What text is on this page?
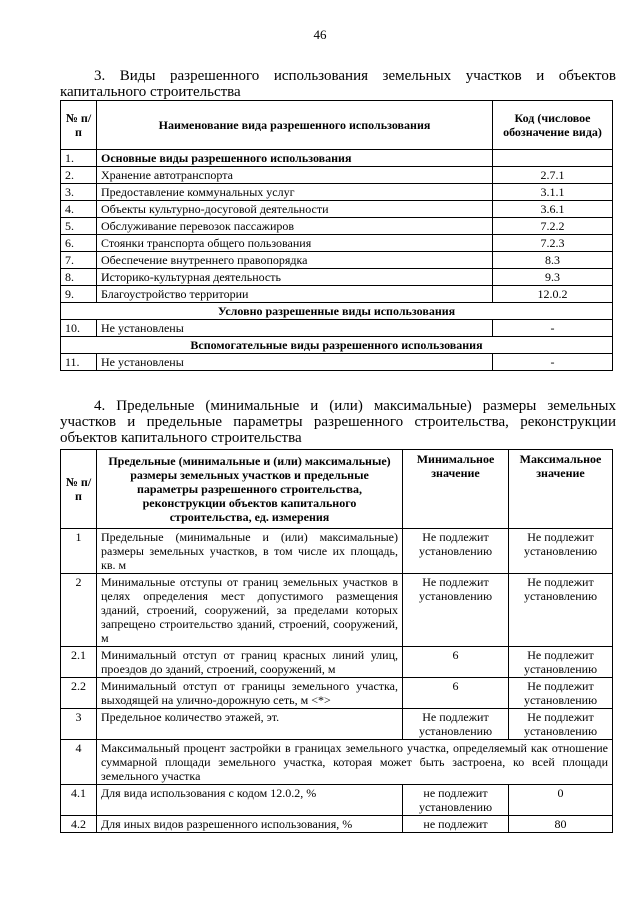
46
3. Виды разрешенного использования земельных участков и объектов капитального строительства
№ п/п	Наименование вида разрешенного использования	Код (числовое обозначение вида)
1.	Основные виды разрешенного использования	
2.	Хранение автотранспорта	2.7.1
3.	Предоставление коммунальных услуг	3.1.1
4.	Объекты культурно-досуговой деятельности	3.6.1
5.	Обслуживание перевозок пассажиров	7.2.2
6.	Стоянки транспорта общего пользования	7.2.3
7.	Обеспечение внутреннего правопорядка	8.3
8.	Историко-культурная деятельность	9.3
9.	Благоустройство территории	12.0.2
Условно разрешенные виды использования		
10.	Не установлены	-
Вспомогательные виды разрешенного использования		
11.	Не установлены	-
4. Предельные (минимальные и (или) максимальные) размеры земельных участков и предельные параметры разрешенного строительства, реконструкции объектов капитального строительства
№ п/п	Предельные (минимальные и (или) максимальные) размеры земельных участков и предельные параметры разрешенного строительства, реконструкции объектов капитального строительства, ед. измерения	Минимальное значение	Максимальное значение
1	Предельные (минимальные и (или) максимальные) размеры земельных участков, в том числе их площадь, кв. м	Не подлежит установлению	Не подлежит установлению
2	Минимальные отступы от границ земельных участков в целях определения мест допустимого размещения зданий, строений, сооружений, за пределами которых запрещено строительство зданий, строений, сооружений, м	Не подлежит установлению	Не подлежит установлению
2.1	Минимальный отступ от границ красных линий улиц, проездов до зданий, строений, сооружений, м	6	Не подлежит установлению
2.2	Минимальный отступ от границы земельного участка, выходящей на улично-дорожную сеть, м <*>	6	Не подлежит установлению
3	Предельное количество этажей, эт.	Не подлежит установлению	Не подлежит установлению
4	Максимальный процент застройки в границах земельного участка, определяемый как отношение суммарной площади земельного участка, которая может быть застроена, ко всей площади земельного участка		
4.1	Для вида использования с кодом 12.0.2, %	не подлежит установлению	0
4.2	Для иных видов разрешенного использования, %	не подлежит	80
